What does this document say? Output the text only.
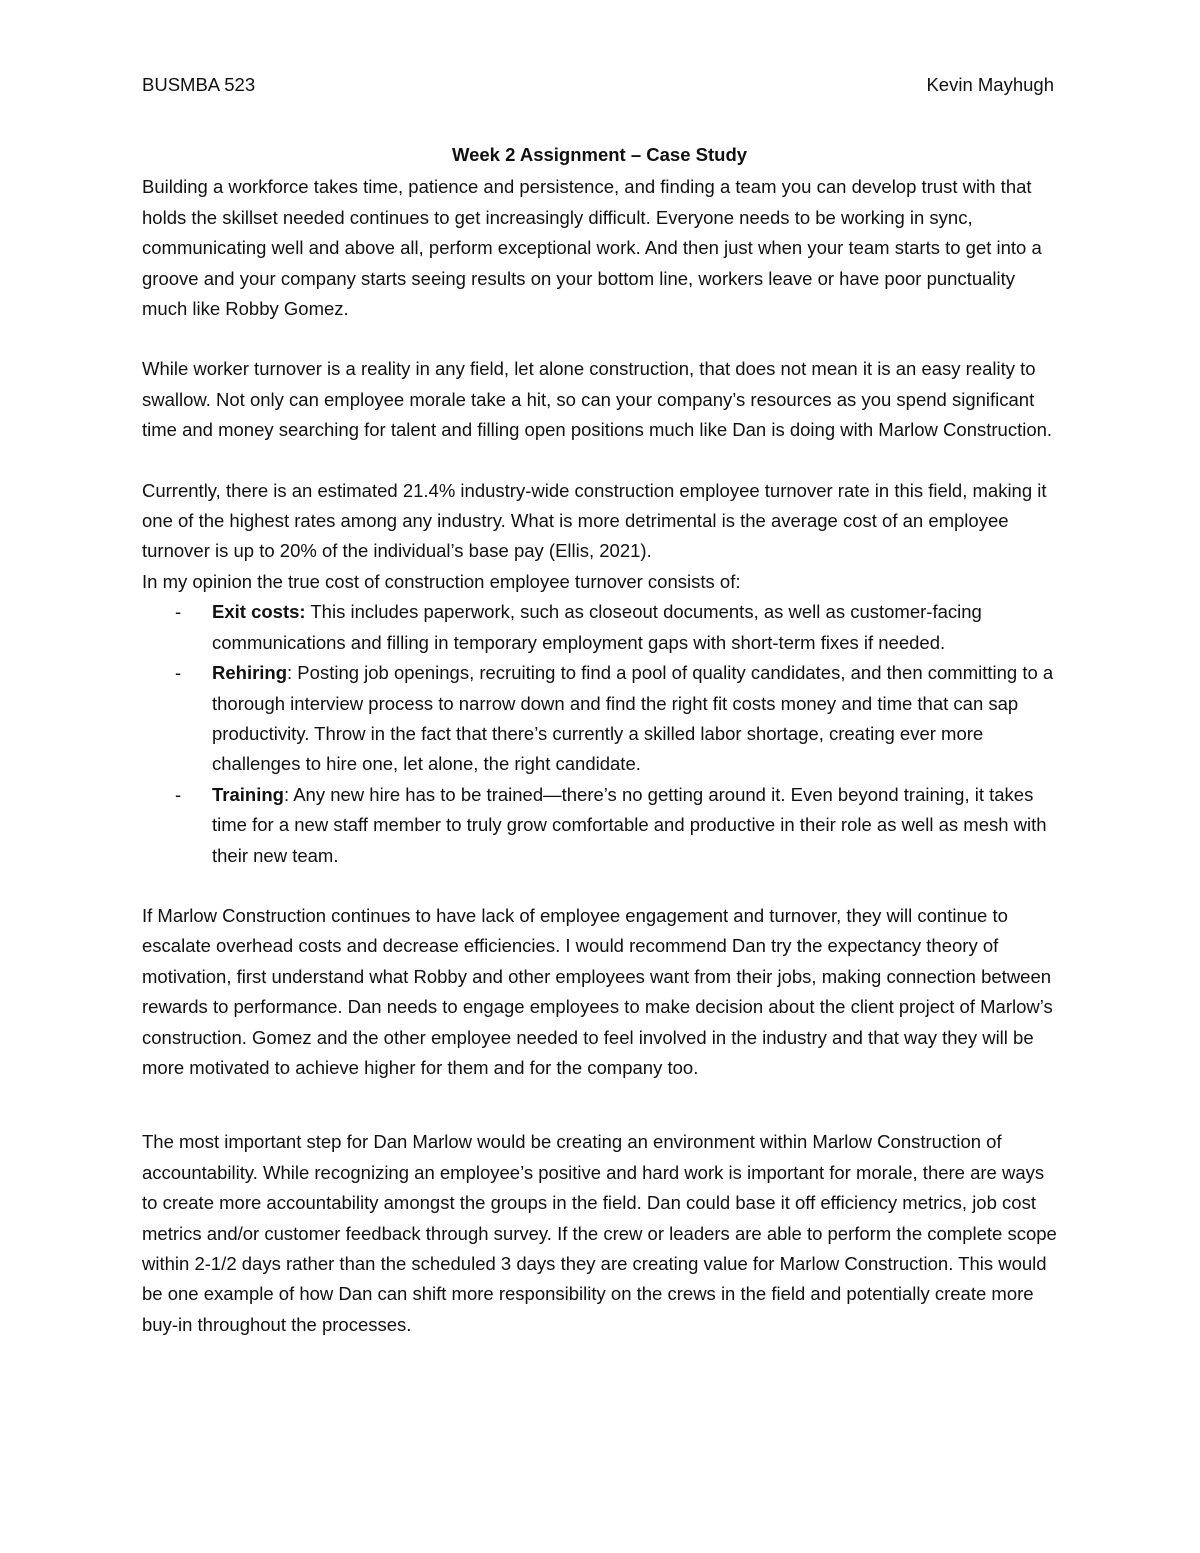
BUSMBA 523	Kevin Mayhugh
Week 2 Assignment – Case Study

Building a workforce takes time, patience and persistence, and finding a team you can develop trust with that holds the skillset needed continues to get increasingly difficult. Everyone needs to be working in sync, communicating well and above all, perform exceptional work. And then just when your team starts to get into a groove and your company starts seeing results on your bottom line, workers leave or have poor punctuality much like Robby Gomez.

While worker turnover is a reality in any field, let alone construction, that does not mean it is an easy reality to swallow. Not only can employee morale take a hit, so can your company’s resources as you spend significant time and money searching for talent and filling open positions much like Dan is doing with Marlow Construction.

Currently, there is an estimated 21.4% industry-wide construction employee turnover rate in this field, making it one of the highest rates among any industry. What is more detrimental is the average cost of an employee turnover is up to 20% of the individual’s base pay (Ellis, 2021).

In my opinion the true cost of construction employee turnover consists of:

- Exit costs: This includes paperwork, such as closeout documents, as well as customer-facing communications and filling in temporary employment gaps with short-term fixes if needed.
- Rehiring: Posting job openings, recruiting to find a pool of quality candidates, and then committing to a thorough interview process to narrow down and find the right fit costs money and time that can sap productivity. Throw in the fact that there’s currently a skilled labor shortage, creating ever more challenges to hire one, let alone, the right candidate.
- Training: Any new hire has to be trained—there’s no getting around it. Even beyond training, it takes time for a new staff member to truly grow comfortable and productive in their role as well as mesh with their new team.

If Marlow Construction continues to have lack of employee engagement and turnover, they will continue to escalate overhead costs and decrease efficiencies. I would recommend Dan try the expectancy theory of motivation, first understand what Robby and other employees want from their jobs, making connection between rewards to performance. Dan needs to engage employees to make decision about the client project of Marlow’s construction. Gomez and the other employee needed to feel involved in the industry and that way they will be more motivated to achieve higher for them and for the company too.

The most important step for Dan Marlow would be creating an environment within Marlow Construction of accountability. While recognizing an employee’s positive and hard work is important for morale, there are ways to create more accountability amongst the groups in the field. Dan could base it off efficiency metrics, job cost metrics and/or customer feedback through survey. If the crew or leaders are able to perform the complete scope within 2-1/2 days rather than the scheduled 3 days they are creating value for Marlow Construction. This would be one example of how Dan can shift more responsibility on the crews in the field and potentially create more buy-in throughout the processes.
